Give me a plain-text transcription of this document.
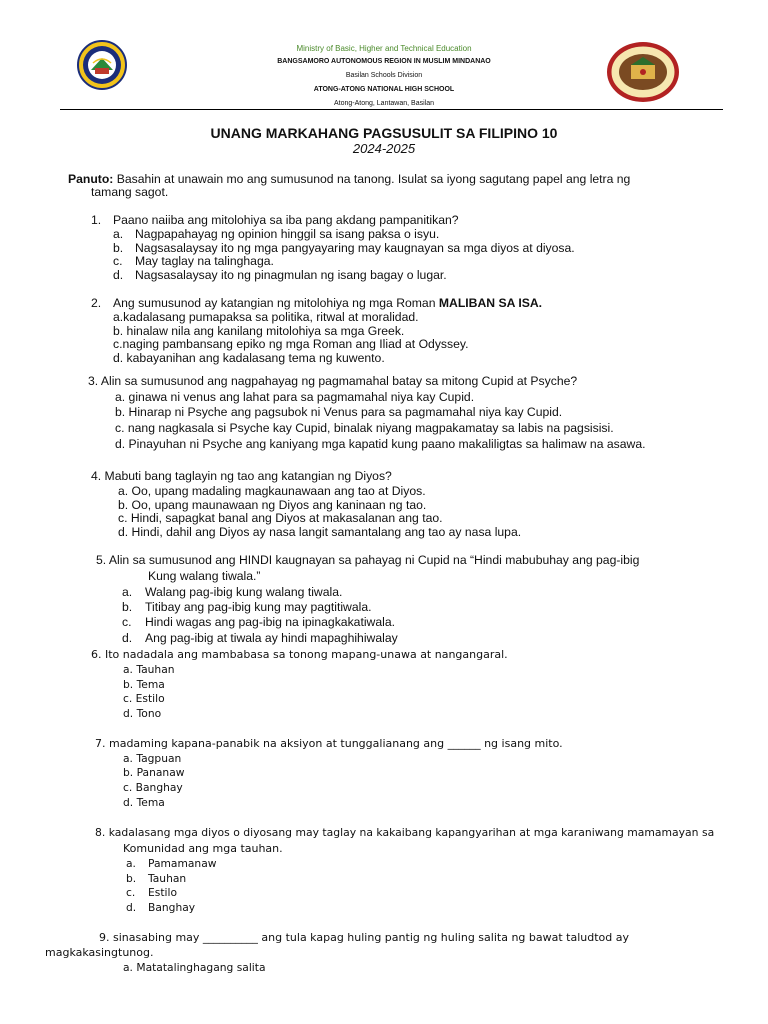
Ministry of Basic, Higher and Technical Education
BANGSAMORO AUTONOMOUS REGION IN MUSLIM MINDANAO
Basilan Schools Division
ATONG-ATONG NATIONAL HIGH SCHOOL
Atong-Atong, Lantawan, Basilan
UNANG MARKAHANG PAGSUSULIT SA FILIPINO 10
2024-2025
Panuto: Basahin at unawain mo ang sumusunod na tanong. Isulat sa iyong sagutang papel ang letra ng
tamang sagot.
1. Paano naiiba ang mitolohiya sa iba pang akdang pampanitikan?
a. Nagpapahayag ng opinion hinggil sa isang paksa o isyu.
b. Nagsasalaysay ito ng mga pangyayaring may kaugnayan sa mga diyos at diyosa.
c. May taglay na talinghaga.
d. Nagsasalaysay ito ng pinagmulan ng isang bagay o lugar.
2. Ang sumusunod ay katangian ng mitolohiya ng mga Roman MALIBAN SA ISA.
a.kadalasang pumapaksa sa politika, ritwal at moralidad.
b. hinalaw nila ang kanilang mitolohiya sa mga Greek.
c.naging pambansang epiko ng mga Roman ang Iliad at Odyssey.
d. kabayanihan ang kadalasang tema ng kuwento.
3. Alin sa sumusunod ang nagpahayag ng pagmamahal batay sa mitong Cupid at Psyche?
a. ginawa ni venus ang lahat para sa pagmamahal niya kay Cupid.
b. Hinarap ni Psyche ang pagsubok ni Venus para sa pagmamahal niya kay Cupid.
c. nang nagkasala si Psyche kay Cupid, binalak niyang magpakamatay sa labis na pagsisisi.
d. Pinayuhan ni Psyche ang kaniyang mga kapatid kung paano makaliligtas sa halimaw na asawa.
4. Mabuti bang taglayin ng tao ang katangian ng Diyos?
a. Oo, upang madaling magkaunawaan ang tao at Diyos.
b. Oo, upang maunawaan ng Diyos ang kaninaan ng tao.
c. Hindi, sapagkat banal ang Diyos at makasalanan ang tao.
d. Hindi, dahil ang Diyos ay nasa langit samantalang ang tao ay nasa lupa.
5. Alin sa sumusunod ang HINDI kaugnayan sa pahayag ni Cupid na “Hindi mabubuhay ang pag-ibig
Kung walang tiwala.”
a. Walang pag-ibig kung walang tiwala.
b. Titibay ang pag-ibig kung may pagtitiwala.
c. Hindi wagas ang pag-ibig na ipinagkakatiwala.
d. Ang pag-ibig at tiwala ay hindi mapaghihiwalay
6. Ito nadadala ang mambabasa sa tonong mapang-unawa at nangangaral.
a. Tauhan
b. Tema
c. Estilo
d. Tono
7. madaming kapana-panabik na aksiyon at tunggalianang ang ______ ng isang mito.
a. Tagpuan
b. Pananaw
c. Banghay
d. Tema
8. kadalasang mga diyos o diyosang may taglay na kakaibang kapangyarihan at mga karaniwang mamamayan sa
Komunidad ang mga tauhan.
a. Pamamanaw
b. Tauhan
c. Estilo
d. Banghay
9. sinasabing may __________ ang tula kapag huling pantig ng huling salita ng bawat taludtod ay
magkakasingtunog.
a. Matatalinghagang salita
